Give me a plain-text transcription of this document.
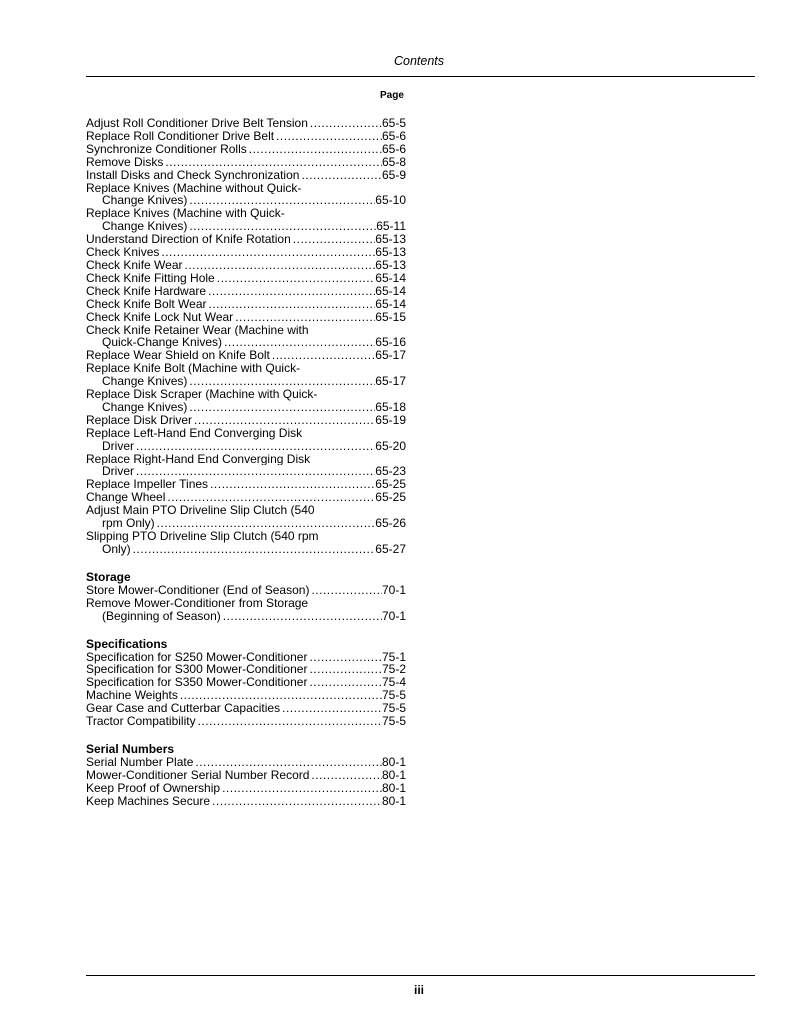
Contents
Page
Adjust Roll Conditioner Drive Belt Tension .....	65-5
Replace Roll Conditioner Drive Belt .....	65-6
Synchronize Conditioner Rolls .....	65-6
Remove Disks .....	65-8
Install Disks and Check Synchronization .....	65-9
Replace Knives (Machine without Quick-
Change Knives) .....	65-10
Replace Knives (Machine with Quick-
Change Knives) .....	65-11
Understand Direction of Knife Rotation .....	65-13
Check Knives .....	65-13
Check Knife Wear .....	65-13
Check Knife Fitting Hole .....	65-14
Check Knife Hardware .....	65-14
Check Knife Bolt Wear .....	65-14
Check Knife Lock Nut Wear .....	65-15
Check Knife Retainer Wear (Machine with
Quick-Change Knives) .....	65-16
Replace Wear Shield on Knife Bolt .....	65-17
Replace Knife Bolt (Machine with Quick-
Change Knives) .....	65-17
Replace Disk Scraper (Machine with Quick-
Change Knives) .....	65-18
Replace Disk Driver .....	65-19
Replace Left-Hand End Converging Disk
Driver .....	65-20
Replace Right-Hand End Converging Disk
Driver .....	65-23
Replace Impeller Tines .....	65-25
Change Wheel .....	65-25
Adjust Main PTO Driveline Slip Clutch (540
rpm Only) .....	65-26
Slipping PTO Driveline Slip Clutch (540 rpm
Only) .....	65-27
Storage
Store Mower-Conditioner (End of Season) .....	70-1
Remove Mower-Conditioner from Storage
(Beginning of Season) .....	70-1
Specifications
Specification for S250 Mower-Conditioner .....	75-1
Specification for S300 Mower-Conditioner .....	75-2
Specification for S350 Mower-Conditioner .....	75-4
Machine Weights .....	75-5
Gear Case and Cutterbar Capacities .....	75-5
Tractor Compatibility .....	75-5
Serial Numbers
Serial Number Plate .....	80-1
Mower-Conditioner Serial Number Record .....	80-1
Keep Proof of Ownership .....	80-1
Keep Machines Secure .....	80-1
iii
